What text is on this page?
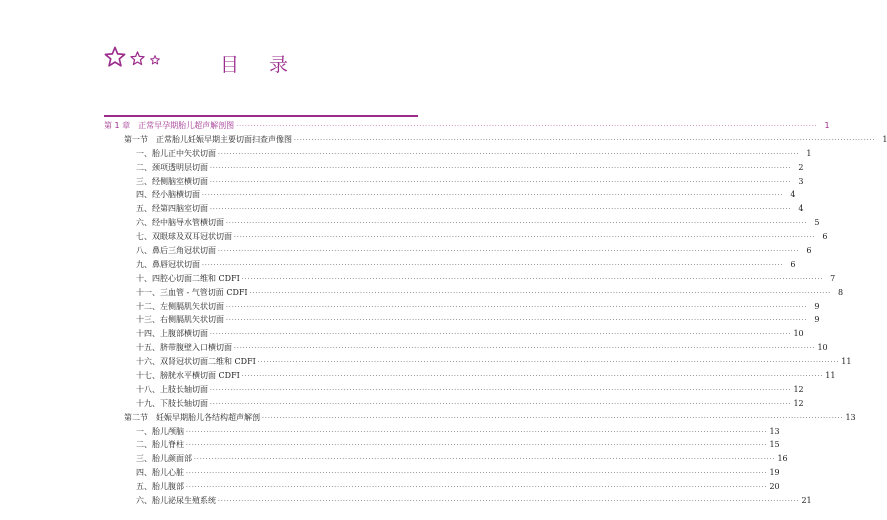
目 录
第 1 章　正常早孕期胎儿超声解剖图 ········································································································································································································ 1
第一节　正常胎儿妊娠早期主要切面扫查声像图 ········································································································································································································ 1
一、胎儿正中矢状切面 ········································································································································································································ 1
二、颈项透明层切面 ········································································································································································································ 2
三、经侧脑室横切面 ········································································································································································································ 3
四、经小脑横切面 ········································································································································································································ 4
五、经第四脑室切面 ········································································································································································································ 4
六、经中脑导水管横切面 ········································································································································································································ 5
七、双眼球及双耳冠状切面 ········································································································································································································ 6
八、鼻后三角冠状切面 ········································································································································································································ 6
九、鼻唇冠状切面 ········································································································································································································ 6
十、四腔心切面二维和 CDFI ········································································································································································································ 7
十一、三血管 - 气管切面 CDFI ········································································································································································································ 8
十二、左侧膈肌矢状切面 ········································································································································································································ 9
十三、右侧膈肌矢状切面 ········································································································································································································ 9
十四、上腹部横切面 ········································································································································································································ 10
十五、脐带腹壁入口横切面 ········································································································································································································ 10
十六、双肾冠状切面二维和 CDFI ········································································································································································································ 11
十七、膀胱水平横切面 CDFI ········································································································································································································ 11
十八、上肢长轴切面 ········································································································································································································ 12
十九、下肢长轴切面 ········································································································································································································ 12
第二节　妊娠早期胎儿各结构超声解剖 ········································································································································································································ 13
一、胎儿颅脑 ········································································································································································································ 13
二、胎儿脊柱 ········································································································································································································ 15
三、胎儿颜面部 ········································································································································································································ 16
四、胎儿心脏 ········································································································································································································ 19
五、胎儿腹部 ········································································································································································································ 20
六、胎儿泌尿生殖系统 ········································································································································································································ 21
